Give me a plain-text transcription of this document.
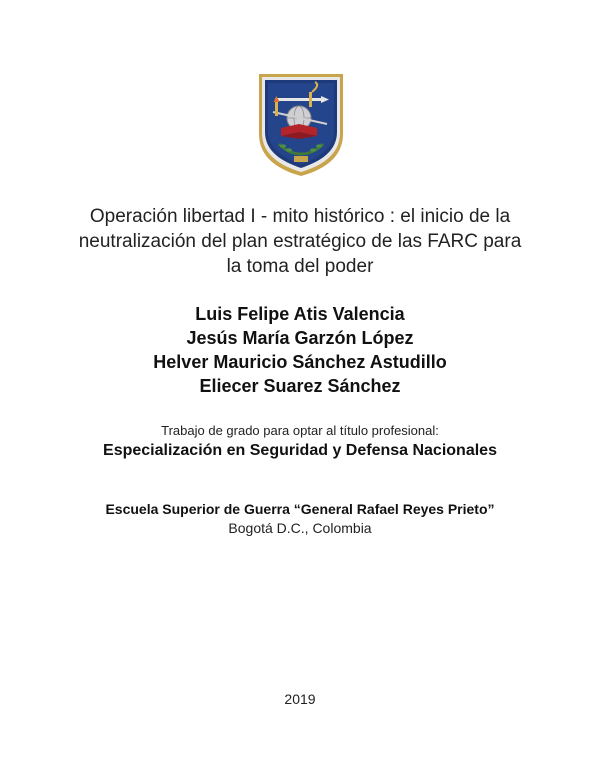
Operación libertad I - mito histórico : el inicio de la
neutralización del plan estratégico de las FARC para
la toma del poder
Luis Felipe Atis Valencia
Jesús María Garzón López
Helver Mauricio Sánchez Astudillo
Eliecer Suarez Sánchez
Trabajo de grado para optar al título profesional:
Especialización en Seguridad y Defensa Nacionales
Escuela Superior de Guerra “General Rafael Reyes Prieto”
Bogotá D.C., Colombia
2019
